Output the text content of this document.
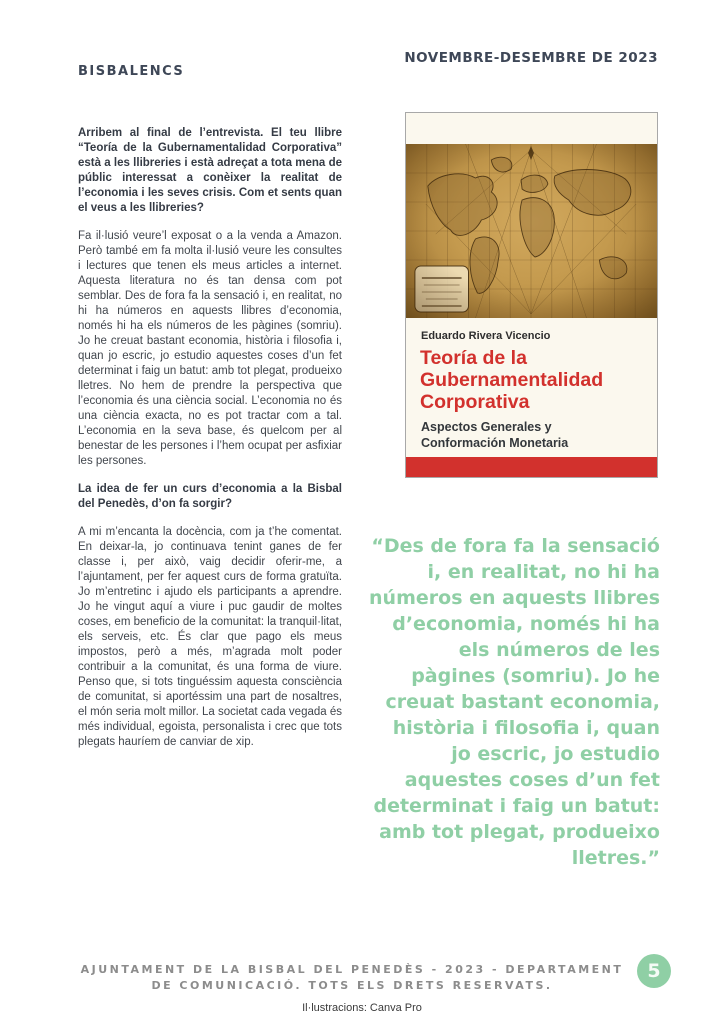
BISBALENCS
NOVEMBRE-DESEMBRE DE 2023

Arribem al final de l’entrevista. El teu llibre “Teoría de la Gubernamentalidad Corporativa” està a les llibreries i està adreçat a tota mena de públic interessat a conèixer la realitat de l’economia i les seves crisis. Com et sents quan el veus a les llibreries?

Fa il·lusió veure’l exposat o a la venda a Amazon. Però també em fa molta il·lusió veure les consultes i lectures que tenen els meus articles a internet. Aquesta literatura no és tan densa com pot semblar. Des de fora fa la sensació i, en realitat, no hi ha números en aquests llibres d’economia, només hi ha els números de les pàgines (somriu). Jo he creuat bastant economia, història i filosofia i, quan jo escric, jo estudio aquestes coses d’un fet determinat i faig un batut: amb tot plegat, produeixo lletres. No hem de prendre la perspectiva que l’economia és una ciència social. L’economia no és una ciència exacta, no es pot tractar com a tal. L’economia en la seva base, és quelcom per al benestar de les persones i l’hem ocupat per asfixiar les persones.

La idea de fer un curs d’economia a la Bisbal del Penedès, d’on fa sorgir?

A mi m’encanta la docència, com ja t’he comentat. En deixar-la, jo continuava tenint ganes de fer classe i, per això, vaig decidir oferir-me, a l’ajuntament, per fer aquest curs de forma gratuïta. Jo m’entretinc i ajudo els participants a aprendre. Jo he vingut aquí a viure i puc gaudir de moltes coses, em beneficio de la comunitat: la tranquil·litat, els serveis, etc. És clar que pago els meus impostos, però a més, m’agrada molt poder contribuir a la comunitat, és una forma de viure. Penso que, si tots tinguéssim aquesta consciència de comunitat, si aportéssim una part de nosaltres, el món seria molt millor. La societat cada vegada és més individual, egoista, personalista i crec que tots plegats hauríem de canviar de xip.

Eduardo Rivera Vicencio
Teoría de la Gubernamentalidad Corporativa
Aspectos Generales y Conformación Monetaria
“Des de fora fa la sensació i, en realitat, no hi ha números en aquests llibres d’economia, només hi ha els números de les pàgines (somriu). Jo he creuat bastant economia, història i filosofia i, quan jo escric, jo estudio aquestes coses d’un fet determinat i faig un batut: amb tot plegat, produeixo lletres.”
AJUNTAMENT DE LA BISBAL DEL PENEDÈS - 2023 - DEPARTAMENT DE COMUNICACIÓ. TOTS ELS DRETS RESERVATS.
5
Il·lustracions: Canva Pro
